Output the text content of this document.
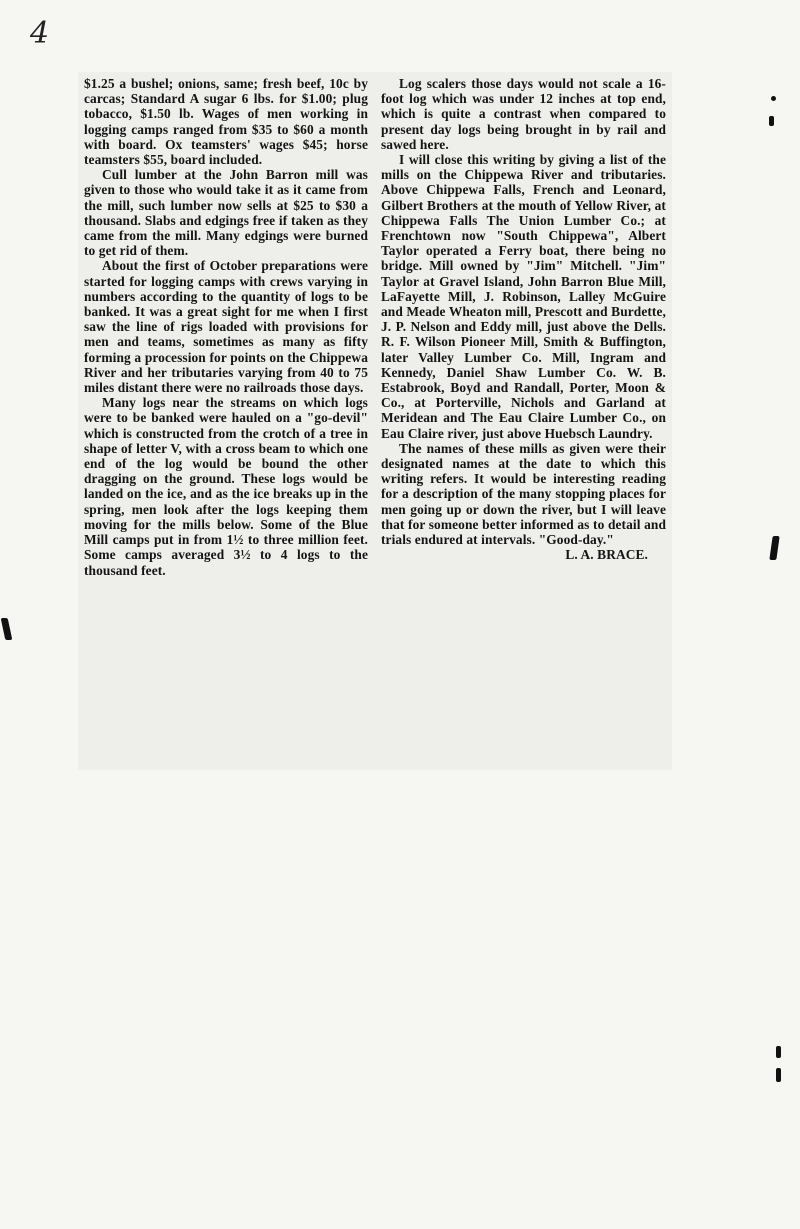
4

$1.25 a bushel; onions, same; fresh beef, 10c by carcas; Standard A sugar 6 lbs. for $1.00; plug tobacco, $1.50 lb. Wages of men working in logging camps ranged from $35 to $60 a month with board. Ox teamsters' wages $45; horse teamsters $55, board included.

Cull lumber at the John Barron mill was given to those who would take it as it came from the mill, such lumber now sells at $25 to $30 a thousand. Slabs and edgings free if taken as they came from the mill. Many edgings were burned to get rid of them.

About the first of October preparations were started for logging camps with crews varying in numbers according to the quantity of logs to be banked. It was a great sight for me when I first saw the line of rigs loaded with provisions for men and teams, sometimes as many as fifty forming a procession for points on the Chippewa River and her tributaries varying from 40 to 75 miles distant there were no railroads those days.

Many logs near the streams on which logs were to be banked were hauled on a "go-devil" which is constructed from the crotch of a tree in shape of letter V, with a cross beam to which one end of the log would be bound the other dragging on the ground. These logs would be landed on the ice, and as the ice breaks up in the spring, men look after the logs keeping them moving for the mills below. Some of the Blue Mill camps put in from 1½ to three million feet. Some camps averaged 3½ to 4 logs to the thousand feet.

Log scalers those days would not scale a 16-foot log which was under 12 inches at top end, which is quite a contrast when compared to present day logs being brought in by rail and sawed here.

I will close this writing by giving a list of the mills on the Chippewa River and tributaries. Above Chippewa Falls, French and Leonard, Gilbert Brothers at the mouth of Yellow River, at Chippewa Falls The Union Lumber Co.; at Frenchtown now "South Chippewa", Albert Taylor operated a Ferry boat, there being no bridge. Mill owned by "Jim" Mitchell. "Jim" Taylor at Gravel Island, John Barron Blue Mill, LaFayette Mill, J. Robinson, Lalley McGuire and Meade Wheaton mill, Prescott and Burdette, J. P. Nelson and Eddy mill, just above the Dells. R. F. Wilson Pioneer Mill, Smith & Buffington, later Valley Lumber Co. Mill, Ingram and Kennedy, Daniel Shaw Lumber Co. W. B. Estabrook, Boyd and Randall, Porter, Moon & Co., at Porterville, Nichols and Garland at Meridean and The Eau Claire Lumber Co., on Eau Claire river, just above Huebsch Laundry.

The names of these mills as given were their designated names at the date to which this writing refers. It would be interesting reading for a description of the many stopping places for men going up or down the river, but I will leave that for someone better informed as to detail and trials endured at intervals. "Good-day."

L. A. BRACE.
